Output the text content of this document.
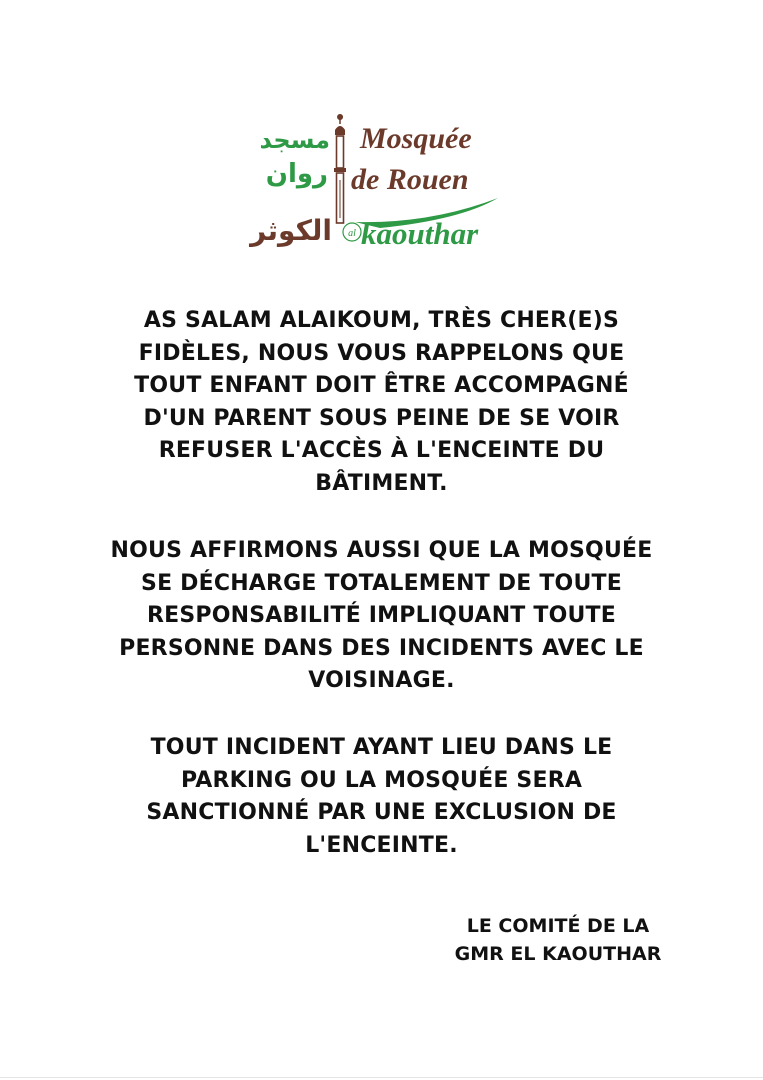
مسجد
روان
الكوثر
Mosquée
de Rouen
al kaouthar

AS SALAM ALAIKOUM, TRÈS CHER(E)S
FIDÈLES, NOUS VOUS RAPPELONS QUE
TOUT ENFANT DOIT ÊTRE ACCOMPAGNÉ
D'UN PARENT SOUS PEINE DE SE VOIR
REFUSER L'ACCÈS À L'ENCEINTE DU
BÂTIMENT.

NOUS AFFIRMONS AUSSI QUE LA MOSQUÉE
SE DÉCHARGE TOTALEMENT DE TOUTE
RESPONSABILITÉ IMPLIQUANT TOUTE
PERSONNE DANS DES INCIDENTS AVEC LE
VOISINAGE.

TOUT INCIDENT AYANT LIEU DANS LE
PARKING OU LA MOSQUÉE SERA
SANCTIONNÉ PAR UNE EXCLUSION DE
L'ENCEINTE.

LE COMITÉ DE LA
GMR EL KAOUTHAR
